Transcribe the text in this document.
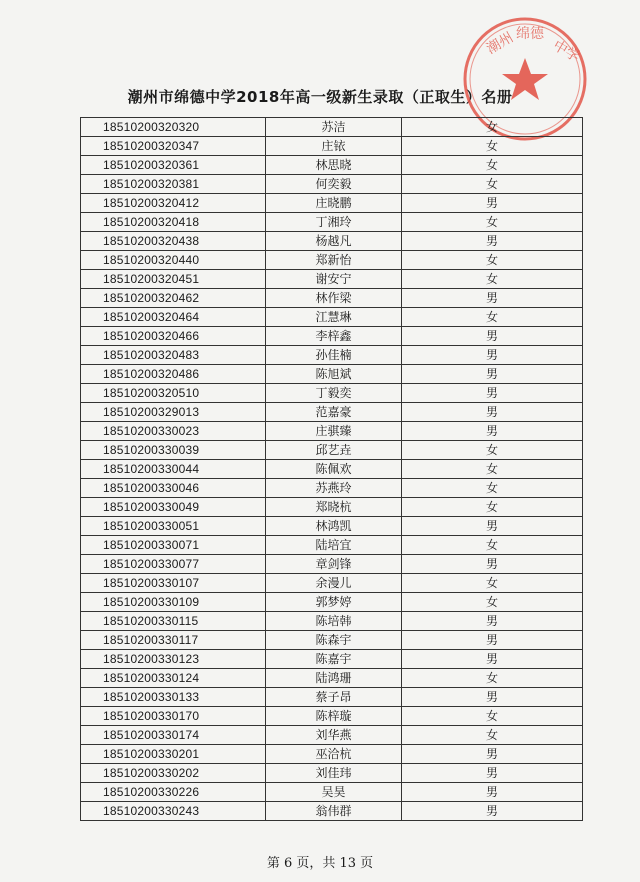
潮州市绵德中学2018年高一级新生录取（正取生）名册
潮州 绵德
中学
18510200320320	苏洁	女
18510200320347	庄铱	女
18510200320361	林思晓	女
18510200320381	何奕毅	女
18510200320412	庄晓鹏	男
18510200320418	丁湘玲	女
18510200320438	杨越凡	男
18510200320440	郑新怡	女
18510200320451	谢安宁	女
18510200320462	林作梁	男
18510200320464	江慧琳	女
18510200320466	李梓鑫	男
18510200320483	孙佳楠	男
18510200320486	陈旭斌	男
18510200320510	丁毅奕	男
18510200329013	范嘉豪	男
18510200330023	庄骐臻	男
18510200330039	邱艺垚	女
18510200330044	陈佩欢	女
18510200330046	苏燕玲	女
18510200330049	郑晓杭	女
18510200330051	林鸿凯	男
18510200330071	陆培宜	女
18510200330077	章剑锋	男
18510200330107	余漫儿	女
18510200330109	郭梦婷	女
18510200330115	陈培韩	男
18510200330117	陈森宇	男
18510200330123	陈嘉宇	男
18510200330124	陆鸿珊	女
18510200330133	蔡子昂	男
18510200330170	陈梓璇	女
18510200330174	刘华燕	女
18510200330201	巫洽杭	男
18510200330202	刘佳玮	男
18510200330226	吴昊	男
18510200330243	翁伟群	男
第 6 页，共 13 页
